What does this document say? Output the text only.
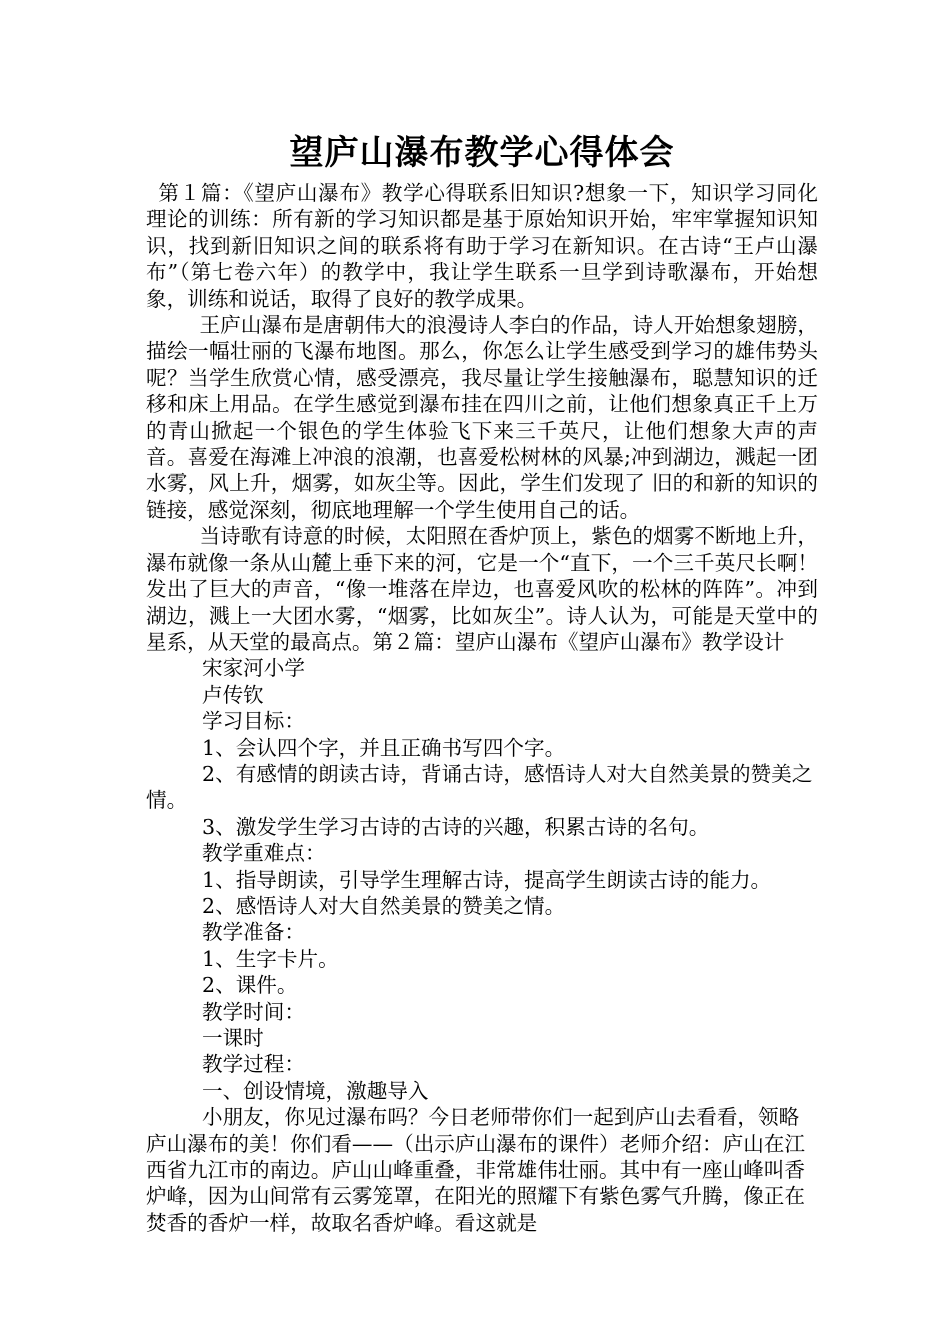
望庐山瀑布教学心得体会

第１篇：《望庐山瀑布》教学心得联系旧知识?想象一下，知识学习同化理论的训练：所有新的学习知识都是基于原始知识开始，牢牢掌握知识知识，找到新旧知识之间的联系将有助于学习在新知识。在古诗“王卢山瀑布”（第七卷六年）的教学中，我让学生联系一旦学到诗歌瀑布，开始想象，训练和说话，取得了良好的教学成果。

王庐山瀑布是唐朝伟大的浪漫诗人李白的作品，诗人开始想象翅膀，描绘一幅壮丽的飞瀑布地图。那么，你怎么让学生感受到学习的雄伟势头呢？当学生欣赏心情，感受漂亮，我尽量让学生接触瀑布，聪慧知识的迁移和床上用品。在学生感觉到瀑布挂在四川之前，让他们想象真正千上万的青山掀起一个银色的学生体验飞下来三千英尺，让他们想象大声的声音。喜爱在海滩上冲浪的浪潮，也喜爱松树林的风暴;冲到湖边，溅起一团水雾，风上升，烟雾，如灰尘等。因此，学生们发现了 旧的和新的知识的链接，感觉深刻，彻底地理解一个学生使用自己的话。

当诗歌有诗意的时候，太阳照在香炉顶上，紫色的烟雾不断地上升，瀑布就像一条从山麓上垂下来的河，它是一个“直下，一个三千英尺长啊！发出了巨大的声音，“像一堆落在岸边，也喜爱风吹的松林的阵阵”。冲到湖边，溅上一大团水雾，“烟雾，比如灰尘”。诗人认为，可能是天堂中的星系，从天堂的最高点。第２篇：望庐山瀑布《望庐山瀑布》教学设计

宋家河小学

卢传钦

学习目标：

1、会认四个字，并且正确书写四个字。

2、有感情的朗读古诗，背诵古诗，感悟诗人对大自然美景的赞美之情。

3、激发学生学习古诗的古诗的兴趣，积累古诗的名句。

教学重难点：

1、指导朗读，引导学生理解古诗，提高学生朗读古诗的能力。

2、感悟诗人对大自然美景的赞美之情。

教学准备：

1、生字卡片。

2、课件。

教学时间：

一课时

教学过程：

一、创设情境，激趣导入

小朋友，你见过瀑布吗？今日老师带你们一起到庐山去看看，领略庐山瀑布的美！你们看——（出示庐山瀑布的课件）老师介绍：庐山在江西省九江市的南边。庐山山峰重叠，非常雄伟壮丽。其中有一座山峰叫香炉峰，因为山间常有云雾笼罩，在阳光的照耀下有紫色雾气升腾，像正在焚香的香炉一样，故取名香炉峰。看这就是
